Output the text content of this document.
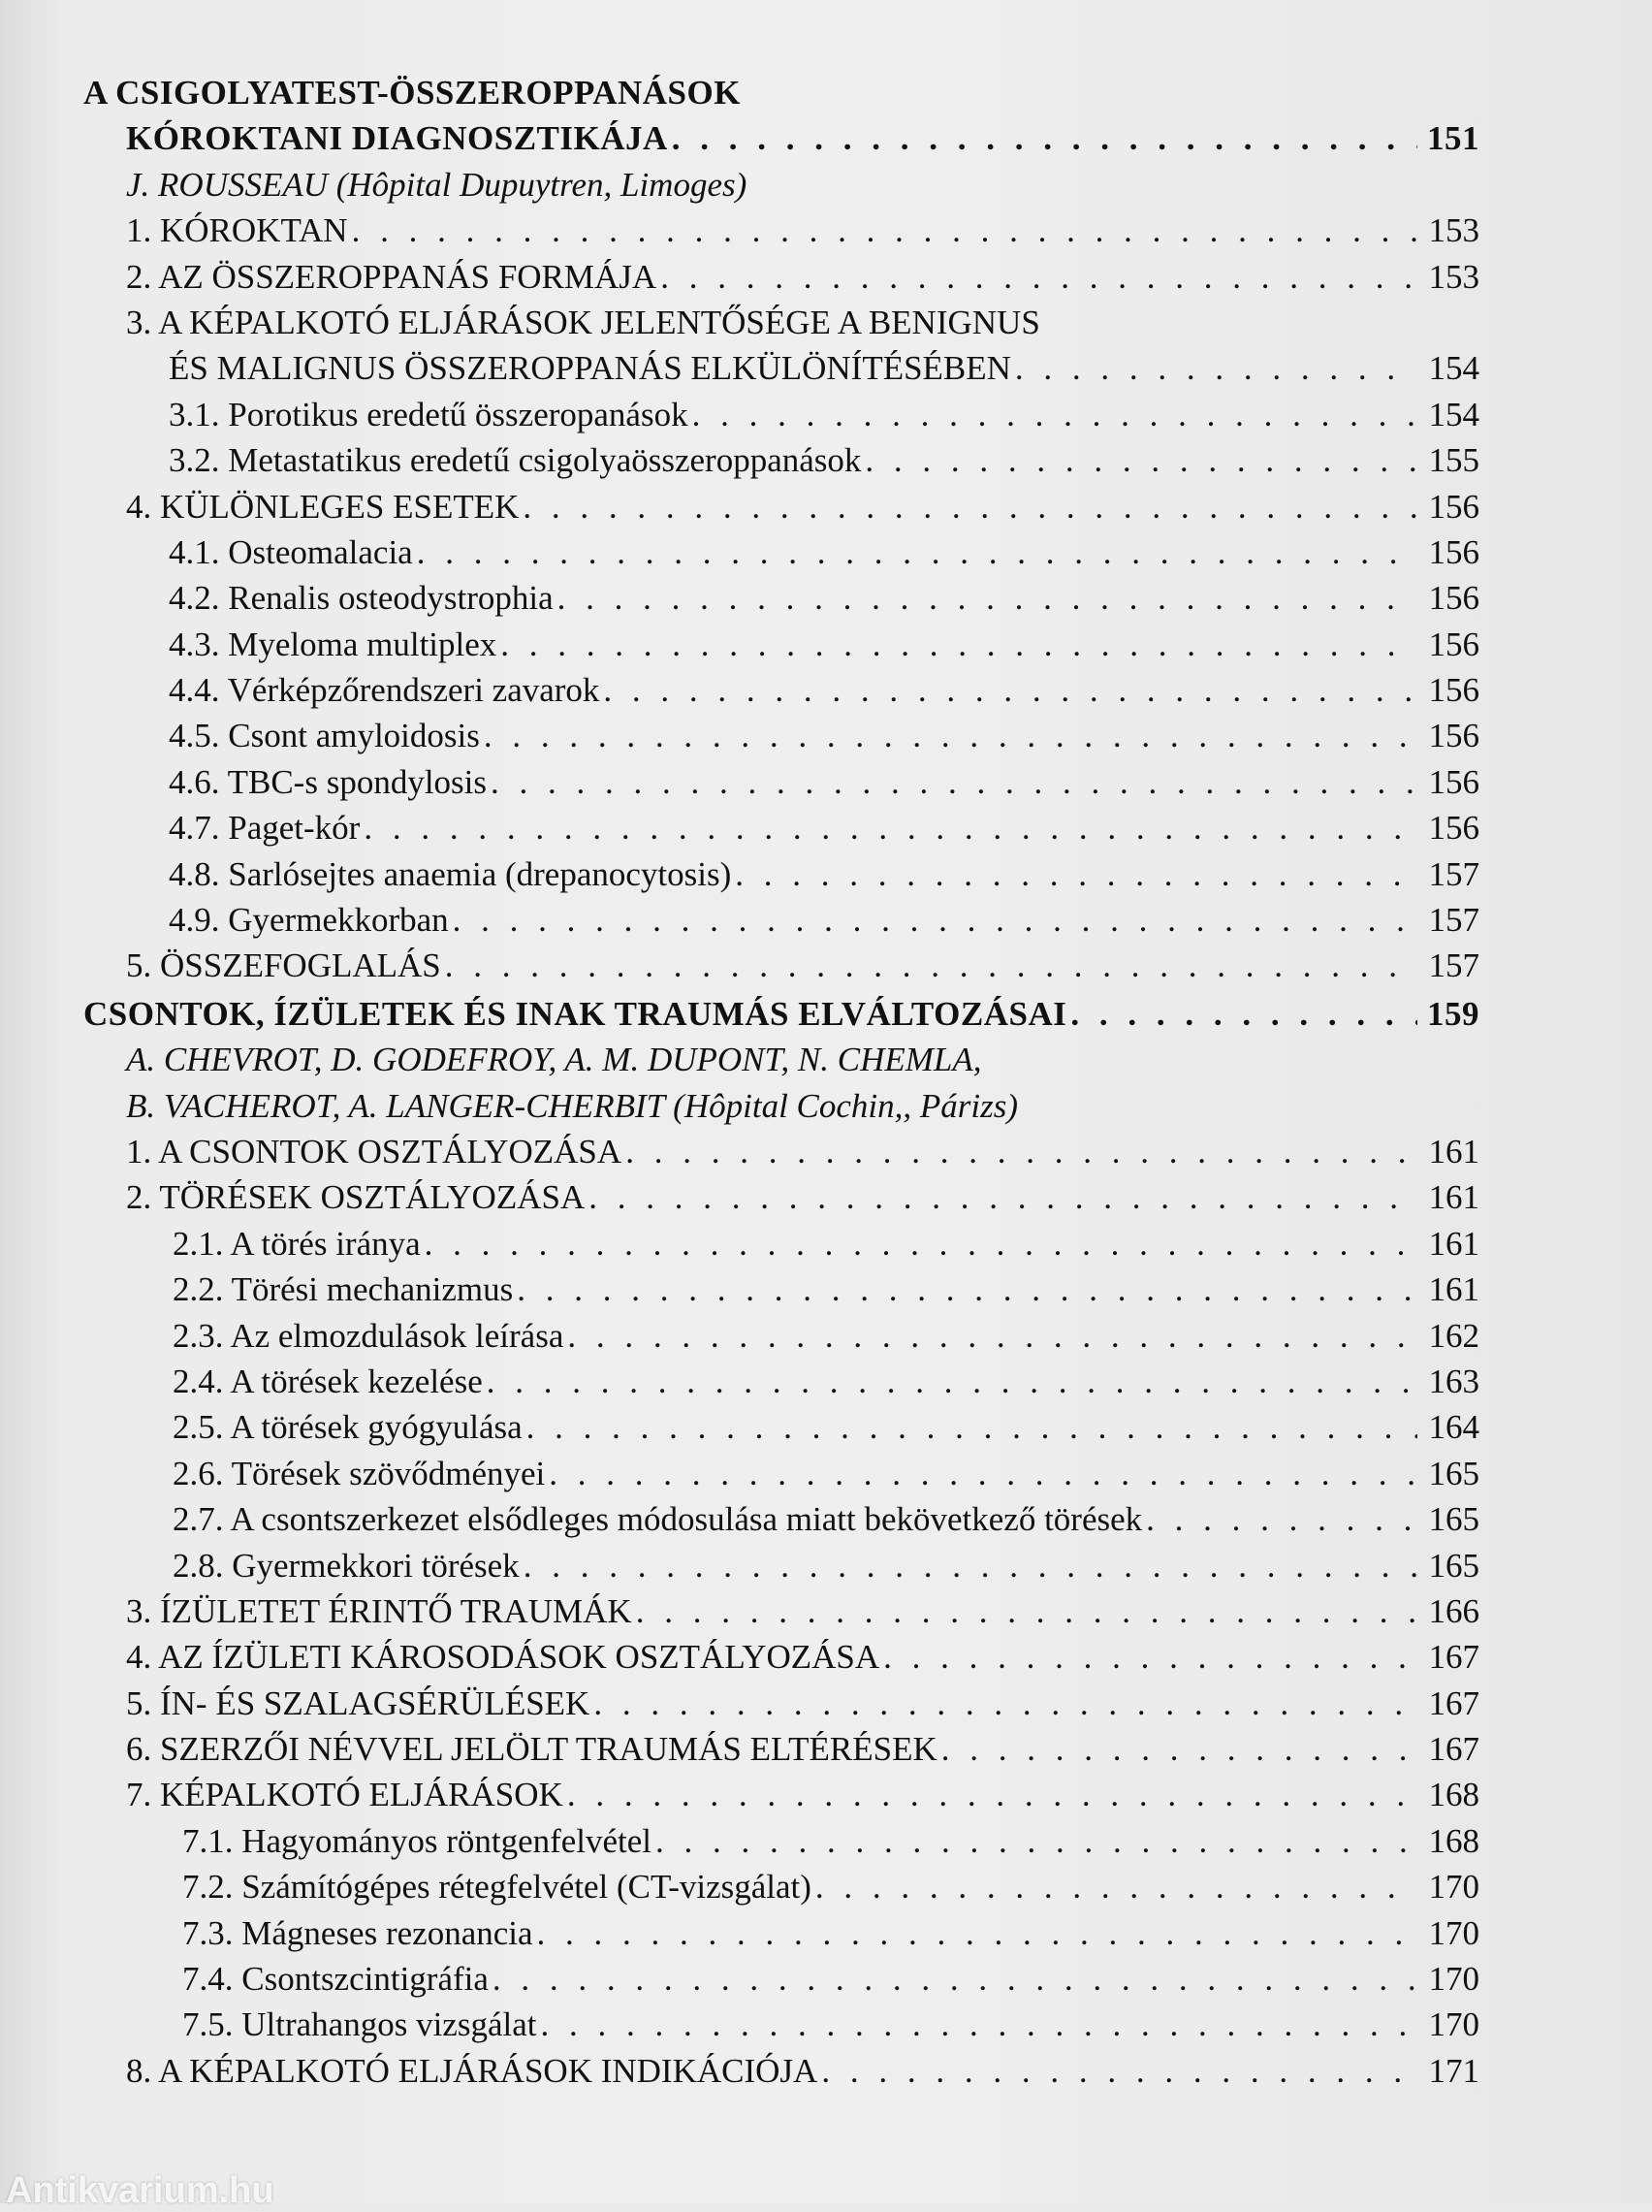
A CSIGOLYATEST-ÖSSZEROPPANÁSOK
KÓROKTANI DIAGNOSZTIKÁJA . . .	151
J. ROUSSEAU (Hôpital Dupuytren, Limoges)
1. KÓROKTAN . . .	153
2. AZ ÖSSZEROPPANÁS FORMÁJA . . .	153
3. A KÉPALKOTÓ ELJÁRÁSOK JELENTŐSÉGE A BENIGNUS
ÉS MALIGNUS ÖSSZEROPPANÁS ELKÜLÖNÍTÉSÉBEN . . .	154
3.1. Porotikus eredetű összeropanások . . .	154
3.2. Metastatikus eredetű csigolyaösszeroppanások . . .	155
4. KÜLÖNLEGES ESETEK . . .	156
4.1. Osteomalacia . . .	156
4.2. Renalis osteodystrophia . . .	156
4.3. Myeloma multiplex . . .	156
4.4. Vérképzőrendszeri zavarok . . .	156
4.5. Csont amyloidosis . . .	156
4.6. TBC-s spondylosis . . .	156
4.7. Paget-kór . . .	156
4.8. Sarlósejtes anaemia (drepanocytosis) . . .	157
4.9. Gyermekkorban . . .	157
5. ÖSSZEFOGLALÁS . . .	157
CSONTOK, ÍZÜLETEK ÉS INAK TRAUMÁS ELVÁLTOZÁSAI . . .	159
A. CHEVROT, D. GODEFROY, A. M. DUPONT, N. CHEMLA,
B. VACHEROT, A. LANGER-CHERBIT (Hôpital Cochin,, Párizs)
1. A CSONTOK OSZTÁLYOZÁSA . . .	161
2. TÖRÉSEK OSZTÁLYOZÁSA . . .	161
2.1. A törés iránya . . .	161
2.2. Törési mechanizmus . . .	161
2.3. Az elmozdulások leírása . . .	162
2.4. A törések kezelése . . .	163
2.5. A törések gyógyulása . . .	164
2.6. Törések szövődményei . . .	165
2.7. A csontszerkezet elsődleges módosulása miatt bekövetkező törések . . .	165
2.8. Gyermekkori törések . . .	165
3. ÍZÜLETET ÉRINTŐ TRAUMÁK . . .	166
4. AZ ÍZÜLETI KÁROSODÁSOK OSZTÁLYOZÁSA . . .	167
5. ÍN- ÉS SZALAGSÉRÜLÉSEK . . .	167
6. SZERZŐI NÉVVEL JELÖLT TRAUMÁS ELTÉRÉSEK . . .	167
7. KÉPALKOTÓ ELJÁRÁSOK . . .	168
7.1. Hagyományos röntgenfelvétel . . .	168
7.2. Számítógépes rétegfelvétel (CT-vizsgálat) . . .	170
7.3. Mágneses rezonancia . . .	170
7.4. Csontszcintigráfia . . .	170
7.5. Ultrahangos vizsgálat . . .	170
8. A KÉPALKOTÓ ELJÁRÁSOK INDIKÁCIÓJA . . .	171
Antikvarium.hu
